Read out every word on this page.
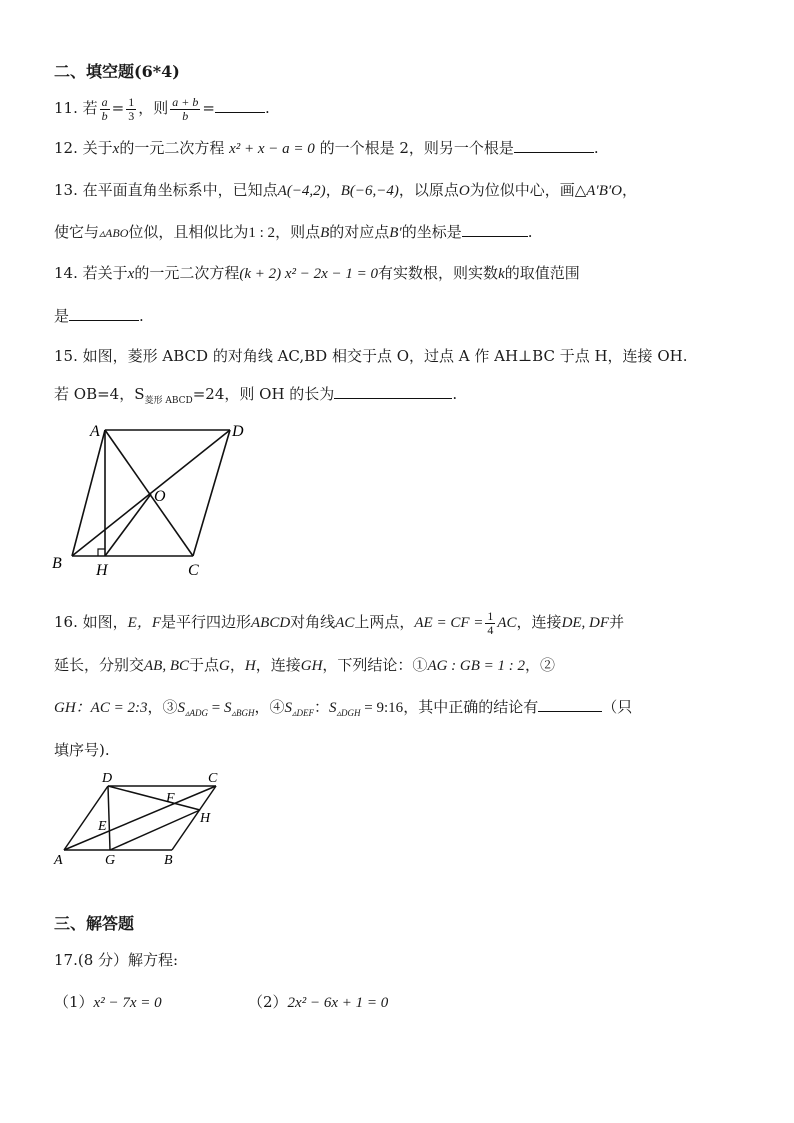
二、填空题(6*4)
11. 若 $\frac{a}{b} = \frac{1}{3}$ ，则 $\frac{a + b}{b}$ =	.
12. 关于x的一元二次方程 x² + x − a = 0 的一个根是 2，则另一个根是	.
13. 在平面直角坐标系中，已知点A(−4,2)，B(−6,−4)，以原点O为位似中心，画△A′B′O，
使它与▵ABO位似，且相似比为1 : 2，则点B的对应点B′的坐标是	.
14. 若关于x的一元二次方程(k + 2) x² − 2x − 1 = 0有实数根，则实数k的取值范围
是	.
15. 如图，菱形 ABCD 的对角线 AC,BD 相交于点 O，过点 A 作 AH⊥BC 于点 H，连接 OH.
若 OB=4，$S_{菱形 ABCD}=24$，则 OH 的长为	.
A	D
O
B H	C
16. 如图，E，F是平行四边形ABCD对角线AC上两点，AE = CF = $\frac{1}{4}$ AC，连接DE, DF并
延长，分别交AB, BC于点G，H，连接GH，下列结论：①AG : GB = 1 : 2，②
GH：AC = 2:3，$③S_{▵ADG} = S_{▵BGH}$，$④S_{▵DEF}$：$S_{▵DGH}$ = 9:16，其中正确的结论有	（只
填序号).
D	C
F
H
E
A	G	B
三、解答题
17.(8 分）解方程:
（1）x² − 7x = 0	（2）2x² − 6x + 1 = 0
